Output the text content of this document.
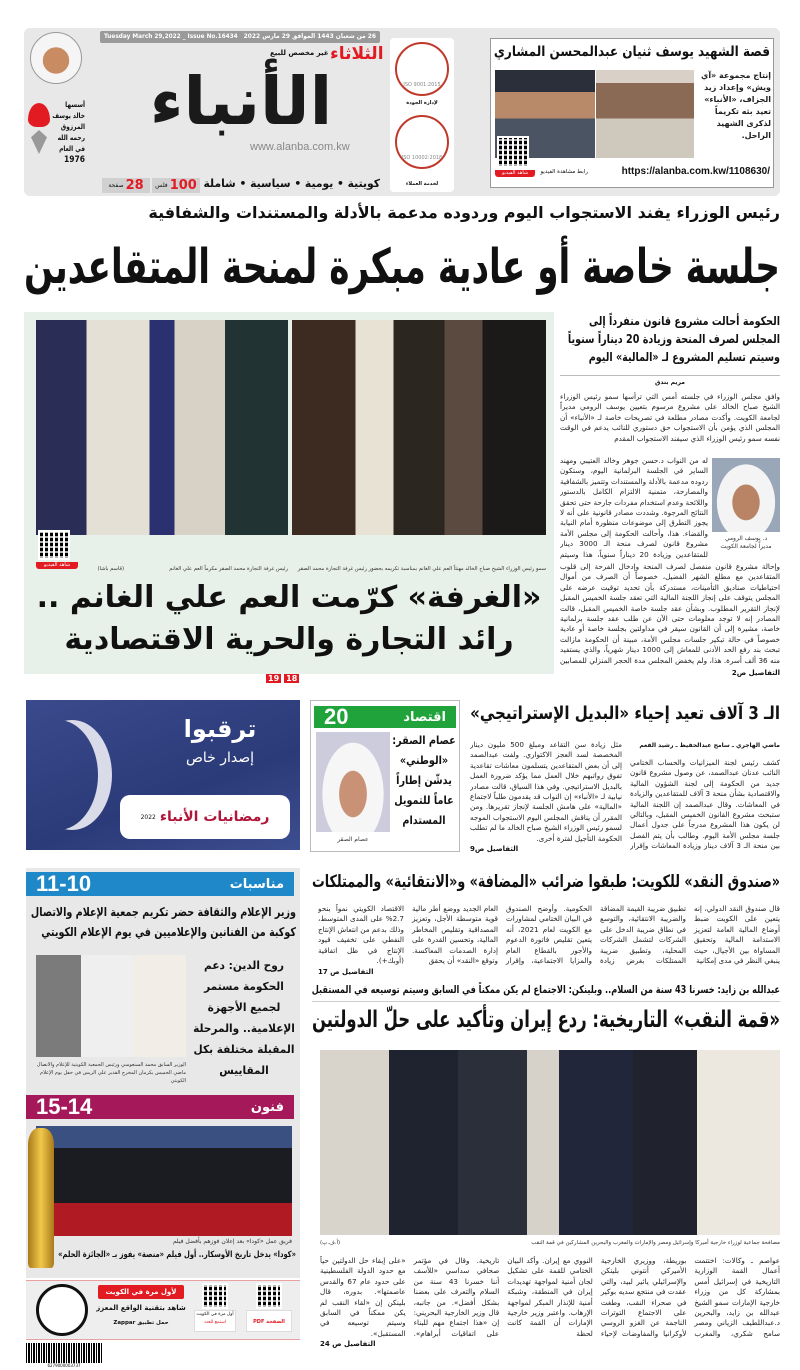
26 من شعبان 1443 الموافق 29 مارس 2022
Tuesday March 29,2022 _ Issue No.16434
الثلاثاء
غير مخصص للبيع
الأنباء
www.alanba.com.kw
كويتية • يومية • سياسية • شاملة
100
فلس
28
صفحة
أسسها
خالد يوسف
المرزوق
رحمه الله
في العام
1976
ISO 9001:2015
لإدارة الجودة
ISO 10002:2018
لخدمة العملاء
قصة الشهيد يوسف ثنيان عبدالمحسن المشاري
شاهد الفيديو
إنتاج مجموعة «آي ويش» وإعداد زيد الجزاف، «الأنباء» تعيد بثه تكريماً لذكرى الشهيد الراحل.
https://alanba.com.kw/1108630/
رابط مشاهدة الفيديو
رئيس الوزراء يفند الاستجواب اليوم وردوده مدعمة بالأدلة والمستندات والشفافية
جلسة خاصة أو عادية مبكرة لمنحة المتقاعدين
شاهد الفيديو
سمو رئيس الوزراء الشيخ صباح الخالد مهنئاً العم علي الغانم بمناسبة تكريمه بحضور رئيس غرفة التجارة محمد الصقر
رئيس غرفة التجارة محمد الصقر مكرماً العم علي الغانم
(قاسم باشا)
«الغرفة» كرّمت العم علي الغانم ..
رائد التجارة والحرية الاقتصادية
19 18
الحكومة أحالت مشروع قانون منفرداً إلى المجلس لصرف المنحة وزيادة 20 ديناراً سنوياً وسيتم تسليم المشروع لـ «المالية» اليوم
مريم بندق
وافق مجلس الوزراء في جلسته أمس التي ترأسها سمو رئيس الوزراء الشيخ صباح الخالد على مشروع مرسوم بتعيين يوسف الرومي مديراً لجامعة الكويت. وأكدت مصادر مطلعة في تصريحات خاصة لـ «الأنباء» أن المجلس الذي يؤمن بأن الاستجواب حق دستوري للنائب يدعم في الوقت نفسه سمو رئيس الوزراء الذي سيفند الاستجواب المقدم
د. يوسف الرومي
مديراً لجامعة الكويت
له من النواب د.حسن جوهر وخالد العتيبي ومهند الساير في الجلسة البرلمانية اليوم، وستكون ردوده مدعمة بالأدلة والمستندات وتتميز بالشفافية والمصارحة، متمنية الالتزام الكامل بالدستور واللائحة وعدم استخدام مفردات جارحة حتى تحقق النتائج المرجوة. وشددت مصادر قانونية على أنه لا يجوز التطرق إلى موضوعات منظورة أمام النيابة والقضاء. هذا، وأحالت الحكومة إلى مجلس الأمة مشروع قانون لصرف منحة الـ 3000 دينار للمتقاعدين وزيادة 20 ديناراً سنوياً، هذا وسيتم
وإحالة مشروع قانون منفصل لصرف المنحة وإدخال الفرحة إلى قلوب المتقاعدين مع مطلع الشهر الفضيل، خصوصاً أن الصرف من أموال احتياطيات صناديق التأمينات، مستدركة بأن تحديد توقيت عرضه على المجلس يتوقف على إنجاز اللجنة المالية التي تعقد جلسة الخميس المقبل لإنجاز التقرير المطلوب. وبشأن عقد جلسة خاصة الخميس المقبل، قالت المصادر إنه لا توجد معلومات حتى الآن عن طلب عقد جلسة برلمانية خاصة، مشيرة إلى أن القانون سيقر في مداولتين بجلسة خاصة أو عادية خصوصاً في حالة تبكير جلسات مجلس الأمة، مبينة أن الحكومة مازالت تبحث بند رفع الحد الأدنى للمعاش إلى 1000 دينار شهرياً، والذي يستفيد منه 36 ألف أسرة. هذا، ولم يخفض المجلس مدة الحجر المنزلي للمصابين
التفاصيل ص2
ترقبوا
إصدار خاص
رمضانيات الأنباء
2022
اقتصاد
20
عصام الصقر
عصام الصقر: «الوطني» يدشّن إطاراً عاماً للتمويل المستدام
الـ 3 آلاف تعيد إحياء «البديل الإستراتيجي»
ماضي الهاجري ـ سامح عبدالحفيظ ـ رشيد الفعم
كشف رئيس لجنة الميزانيات والحساب الختامي النائب عدنان عبدالصمد، عن وصول مشروع قانون جديد من الحكومة إلى لجنة الشؤون المالية والاقتصادية بشأن منحة 3 آلاف للمتقاعدين والزيادة في المعاشات. وقال عبدالصمد إن اللجنة المالية ستبحث مشروع القانون الخميس المقبل، وبالتالي لن يكون هذا المشروع مدرجاً على جدول أعمال جلسة مجلس الأمة اليوم. وطالب بأن يتم الفصل بين منحة الـ 3 آلاف دينار وزيادة المعاشات وإقرار
مثل زيادة سن التقاعد ومبلغ 500 مليون دينار المخصصة لسد العجز الاكتواري. ولفت عبدالصمد إلى أن بعض المتقاعدين يتسلمون معاشات تقاعدية تفوق رواتبهم خلال العمل مما يؤكد ضرورة العمل بالبديل الاستراتيجي. وفي هذا السياق، قالت مصادر نيابية لـ «الأنباء» إن النواب قد يقدمون طلباً لاجتماع «المالية» على هامش الجلسة لإنجاز تقريرها. ومن المقرر أن يناقش المجلس اليوم الاستجواب الموجه لسمو رئيس الوزراء الشيخ صباح الخالد ما لم تطلب الحكومة التأجيل لفترة أخرى.
التفاصيل ص9
مناسبات
11-10
وزير الإعلام والثقافة حضر تكريم جمعية الإعلام والاتصال كوكبة من الفنانين والإعلاميين في يوم الإعلام الكويتي
روح الدين: دعم الحكومة مستمر لجميع الأجهزة الإعلامية.. والمرحلة المقبلة مختلفة بكل المقاييس
الوزير السابق محمد السنعوسي ورئيس الجمعية الكويتية للإعلام والاتصال ماضي الخميس يكرمان المخرج القدير علي الريس في حفل يوم الإعلام الكويتي
فنون
15-14
فريق عمل «كودا» بعد إعلان فوزهم بأفضل فيلم
«كودا» يدخل تاريخ الأوسكار.. أول فيلم «منصة» يفوز بـ «الجائزة الحلم»
لأول مرة في الكويت
شاهد بتقنية الواقع المعزز
حمل تطبيق Zappar
أول مرة في الكويت
استمع للعدد	الصفحة PDF
6279000003737
«صندوق النقد» للكويت: طبقوا ضرائب «المضافة» و«الانتقائية» والممتلكات
قال صندوق النقد الدولي، إنه يتعين على الكويت ضبط أوضاع المالية العامة لتعزيز الاستدامة المالية وتحقيق المساواة بين الأجيال، حيث ينبغي النظر في مدى إمكانية
تطبيق ضريبة القيمة المضافة والضريبة الانتقائية، والتوسع في نطاق ضريبة الدخل على الشركات لتشمل الشركات المحلية، وتطبيق ضريبة الممتلكات بغرض زيادة
الحكومية. وأوضح الصندوق في البيان الختامي لمشاورات مع الكويت لعام 2021، أنه يتعين تقليص فاتورة الدعوم والأجور بالقطاع العام والمزايا الاجتماعية، وإقرار
العام الجديد ووضع أطر مالية قوية متوسطة الأجل، وتعزيز المصداقية وتقليص المخاطر المالية، وتحسين القدرة على إدارة الصدمات المعاكسة. وتوقع «النقد» أن يحقق
الاقتصاد الكويتي نمواً بنحو 2.7% على المدى المتوسط، وذلك بدعم من انتعاش الإنتاج النفطي على تخفيف قيود الإنتاج في ظل اتفاقية (أوبك+).
التفاصيل ص 17
عبدالله بن زايد: خسرنا 43 سنة من السلام.. وبلينكن: الاجتماع لم يكن ممكناً في السابق وسيتم توسيعه في المستقبل
«قمة النقب» التاريخية: ردع إيران وتأكيد على حلّ الدولتين
مصافحة جماعية لوزراء خارجية أميركا وإسرائيل ومصر والإمارات والمغرب والبحرين المشاركين في قمة النقب
(أ.ف.پ)
عواصم ـ وكالات: اختتمت أعمال القمة الوزارية التاريخية في إسرائيل أمس بمشاركة كل من وزراء خارجية الإمارات سمو الشيخ عبدالله بن زايد، والبحرين د.عبداللطيف الزياني ومصر سامح شكري، والمغرب
بوريطة، ووزيري الخارجية الأميركي أنتوني بلينكن والإسرائيلي يائير لبيد، والتي عقدت في منتجع سديه بوكير في صحراء النقب، وطغت على الاجتماع التوترات الناجمة عن الغزو الروسي لأوكرانيا والمفاوضات لإحياء
النووي مع إيران. وأكد البيان الختامي للقمة على تشكيل لجان أمنية لمواجهة تهديدات إيران في المنطقة، وشبكة أمنية للإنذار المبكر لمواجهة الإرهاب. واعتبر وزير خارجية الإمارات أن القمة كانت لحظة
تاريخية. وقال في مؤتمر صحافي سداسي «للأسف أننا خسرنا 43 سنة من السلام والتعرف على بعضنا بشكل أفضل». من جانبه، قال وزير الخارجية البحريني: إن «هذا اجتماع مهم للبناء على اتفاقيات أبراهام».
«على إبقاء حل الدولتين حياً مع حدود الدولة الفلسطينية على حدود عام 67 والقدس عاصمتها». بدوره، قال بلينكن إن «لقاء النقب لم يكن ممكناً في السابق وسيتم توسيعه في المستقبل».
التفاصيل ص 24
